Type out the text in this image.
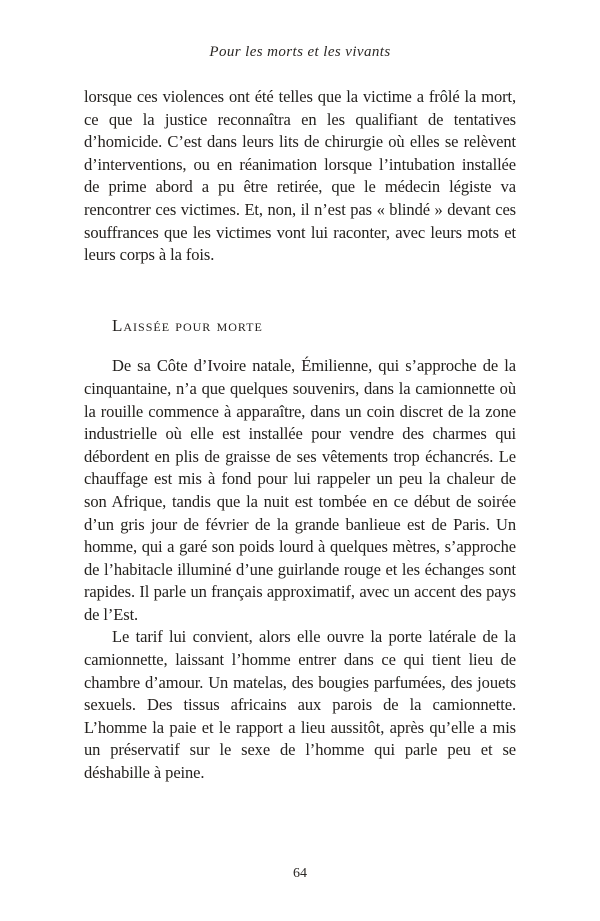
Pour les morts et les vivants

lorsque ces violences ont été telles que la victime a frôlé la mort, ce que la justice reconnaîtra en les qualifiant de tentatives d’homicide. C’est dans leurs lits de chirurgie où elles se relèvent d’interventions, ou en réanimation lorsque l’intubation installée de prime abord a pu être retirée, que le médecin légiste va rencontrer ces victimes. Et, non, il n’est pas « blindé » devant ces souffrances que les victimes vont lui raconter, avec leurs mots et leurs corps à la fois.

Laissée pour morte

De sa Côte d’Ivoire natale, Émilienne, qui s’approche de la cinquantaine, n’a que quelques souvenirs, dans la camionnette où la rouille commence à apparaître, dans un coin discret de la zone industrielle où elle est installée pour vendre des charmes qui débordent en plis de graisse de ses vêtements trop échancrés. Le chauffage est mis à fond pour lui rappeler un peu la chaleur de son Afrique, tandis que la nuit est tombée en ce début de soirée d’un gris jour de février de la grande banlieue est de Paris. Un homme, qui a garé son poids lourd à quelques mètres, s’approche de l’habitacle illuminé d’une guirlande rouge et les échanges sont rapides. Il parle un français approximatif, avec un accent des pays de l’Est.

Le tarif lui convient, alors elle ouvre la porte latérale de la camionnette, laissant l’homme entrer dans ce qui tient lieu de chambre d’amour. Un matelas, des bougies parfumées, des jouets sexuels. Des tissus africains aux parois de la camionnette. L’homme la paie et le rapport a lieu aussitôt, après qu’elle a mis un préservatif sur le sexe de l’homme qui parle peu et se déshabille à peine.

64
